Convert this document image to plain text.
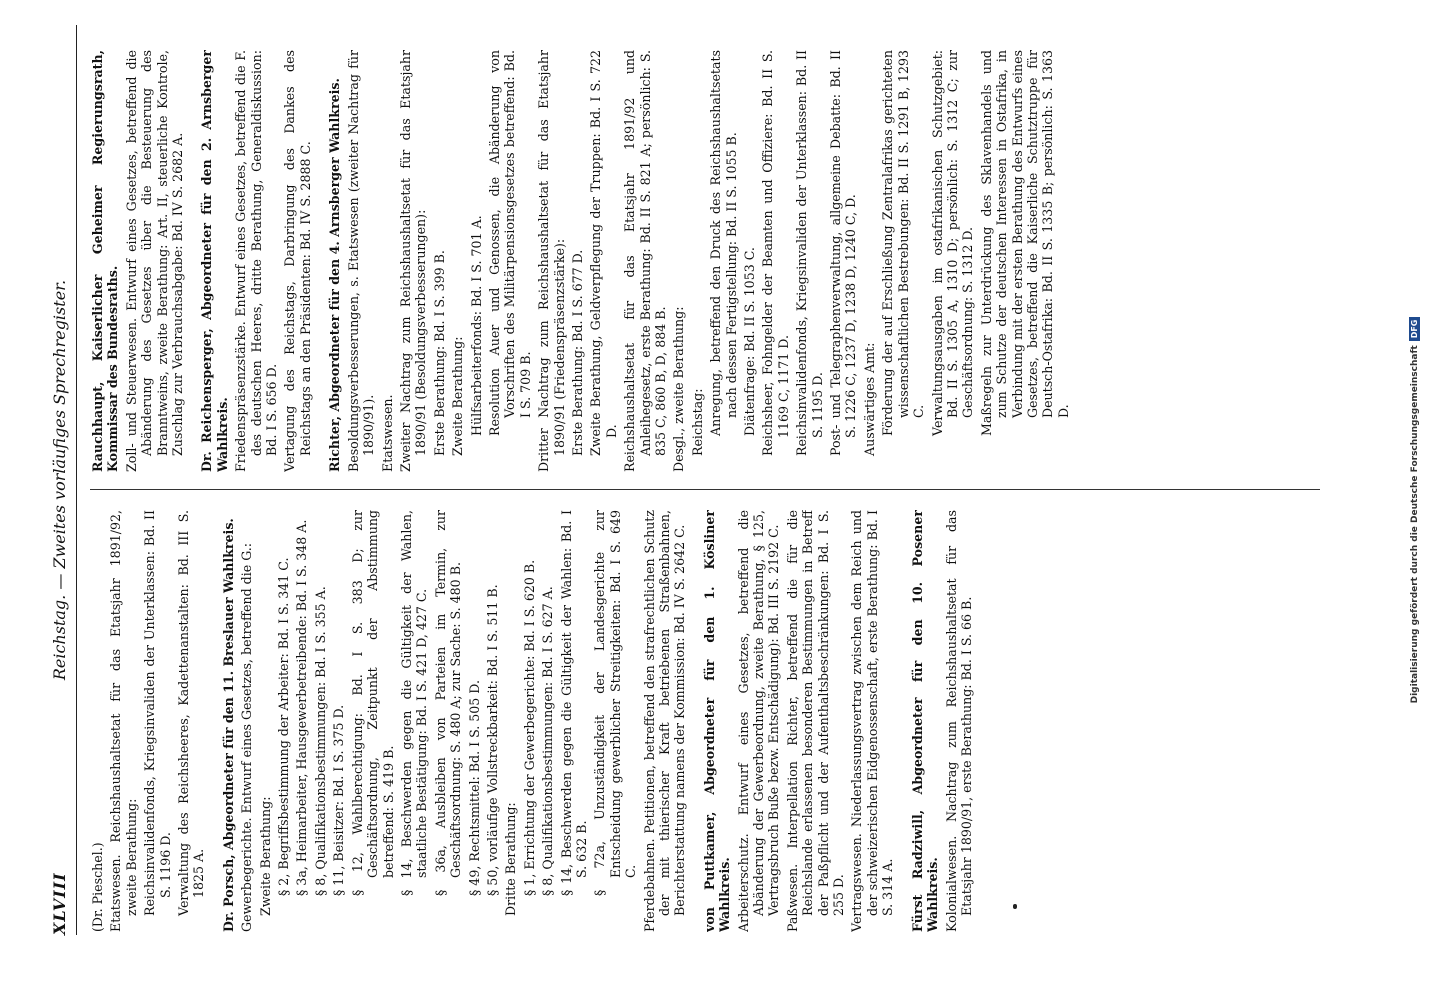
XLVIII
Reichstag. — Zweites vorläufiges Sprechregister.
(Dr. Pieschel.) Etatswesen. Reichshaushaltsetat für das Etatsjahr 1891/92, zweite Berathung: Reichsinvalidenfonds, Kriegsinvaliden der Unterklassen: Bd. II S. 1196 D. Verwaltung des Reichsheeres, Kadettenanstalten: Bd. III S. 1825 A. Dr. Porsch, Abgeordneter für den 11. Breslauer Wahlkreis. Gewerbegerichte. Entwurf eines Gesetzes, betreffend die G.: Zweite Berathung: § 2, Begriffsbestimmung der Arbeiter: Bd. I S. 341 C. § 3a, Heimarbeiter, Hausgewerbetreibende: Bd. I S. 348 A. § 8, Qualifikationsbestimmungen: Bd. I S. 355 A. § 11, Beisitzer: Bd. I S. 375 D. § 12, Wahlberechtigung: Bd. I S. 383 D; zur Geschäftsordnung, Zeitpunkt der Abstimmung betreffend: S. 419 B. § 14, Beschwerden gegen die Gültigkeit der Wahlen, staatliche Bestätigung: Bd. I S. 421 D, 427 C. § 36a, Ausbleiben von Parteien im Termin, zur Geschäftsordnung: S. 480 A; zur Sache: S. 480 B. § 49, Rechtsmittel: Bd. I S. 505 D. § 50, vorläufige Vollstreckbarkeit: Bd. I S. 511 B. Dritte Berathung: § 1, Errichtung der Gewerbegerichte: Bd. I S. 620 B. § 8, Qualifikationsbestimmungen: Bd. I S. 627 A. § 14, Beschwerden gegen die Gültigkeit der Wahlen: Bd. I S. 632 B. § 72a, Unzuständigkeit der Landesgerichte zur Entscheidung gewerblicher Streitigkeiten: Bd. I S. 649 C. Pferdebahnen. Petitionen, betreffend den strafrechtlichen Schutz der mit thierischer Kraft betriebenen Straßenbahnen, Berichterstattung namens der Kommission: Bd. IV S. 2642 C. von Puttkamer, Abgeordneter für den 1. Kösliner Wahlkreis. Arbeiterschutz. Entwurf eines Gesetzes, betreffend die Abänderung der Gewerbeordnung, zweite Berathung, § 125, Vertragsbruch Buße bezw. Entschädigung): Bd. III S. 2192 C. Paßwesen. Interpellation Richter, betreffend die für die Reichslande erlassenen besonderen Bestimmungen in Betreff der Paßpflicht und der Aufenthaltsbeschränkungen: Bd. I S. 255 D. Vertragswesen. Niederlassungsvertrag zwischen dem Reich und der schweizerischen Eidgenossenschaft, erste Berathung: Bd. I S. 314 A. Fürst Radziwill, Abgeordneter für den 10. Posener Wahlkreis. Kolonialwesen. Nachtrag zum Reichshaushaltsetat für das Etatsjahr 1890/91, erste Berathung: Bd. I S. 66 B.
Rauchhaupt, Kaiserlicher Geheimer Regierungsrath, Kommissar des Bundesraths. Zoll- und Steuerwesen. Entwurf eines Gesetzes, betreffend die Abänderung des Gesetzes über die Besteuerung des Branntweins, zweite Berathung: Art. II, steuerliche Kontrole, Zuschlag zur Verbrauchsabgabe: Bd. IV S. 2682 A. Dr. Reichensperger, Abgeordneter für den 2. Arnsberger Wahlkreis. Friedenspräsenzstärke. Entwurf eines Gesetzes, betreffend die F. des deutschen Heeres, dritte Berathung, Generaldiskussion: Bd. I S. 656 D. Vertagung des Reichstags, Darbringung des Dankes des Reichstags an den Präsidenten: Bd. IV S. 2888 C. Richter, Abgeordneter für den 4. Arnsberger Wahlkreis. Besoldungsverbesserungen, s. Etatswesen (zweiter Nachtrag für 1890/91). Etatswesen. Zweiter Nachtrag zum Reichshaushaltsetat für das Etatsjahr 1890/91 (Besoldungsverbesserungen): Erste Berathung: Bd. I S. 399 B. Zweite Berathung: Hülfsarbeiterfonds: Bd. I S. 701 A. Resolution Auer und Genossen, die Abänderung von Vorschriften des Militärpensionsgesetzes betreffend: Bd. I S. 709 B. Dritter Nachtrag zum Reichshaushaltsetat für das Etatsjahr 1890/91 (Friedenspräsenzstärke): Erste Berathung: Bd. I S. 677 D. Zweite Berathung, Geldverpflegung der Truppen: Bd. I S. 722 D. Reichshaushaltsetat für das Etatsjahr 1891/92 und Anleihegesetz, erste Berathung: Bd. II S. 821 A; persönlich: S. 835 C, 860 B, D, 884 B. Desgl., zweite Berathung: Reichstag: Anregung, betreffend den Druck des Reichshaushaltsetats nach dessen Fertigstellung: Bd. II S. 1055 B. Diätenfrage: Bd. II S. 1053 C. Reichsheer, Fohngelder der Beamten und Offiziere: Bd. II S. 1169 C, 1171 D. Reichsinvalidenfonds, Kriegsinvaliden der Unterklassen: Bd. II S. 1195 D. Post- und Telegraphenverwaltung, allgemeine Debatte: Bd. II S. 1226 C, 1237 D, 1238 D, 1240 C, D. Auswärtiges Amt: Förderung der auf Erschließung Zentralafrikas gerichteten wissenschaftlichen Bestrebungen: Bd. II S. 1291 B, 1293 C. Verwaltungsausgaben im ostafrikanischen Schutzgebiet: Bd. II S. 1305 A, 1310 D; persönlich: S. 1312 C; zur Geschäftsordnung: S. 1312 D. Maßregeln zur Unterdrückung des Sklavenhandels und zum Schutze der deutschen Interessen in Ostafrika, in Verbindung mit der ersten Berathung des Entwurfs eines Gesetzes, betreffend die Kaiserliche Schutztruppe für Deutsch-Ostafrika: Bd. II S. 1335 B; persönlich: S. 1363 D.	Digitalisierung gefördert durch die Deutsche ForschungsgemeinschaftDFG
